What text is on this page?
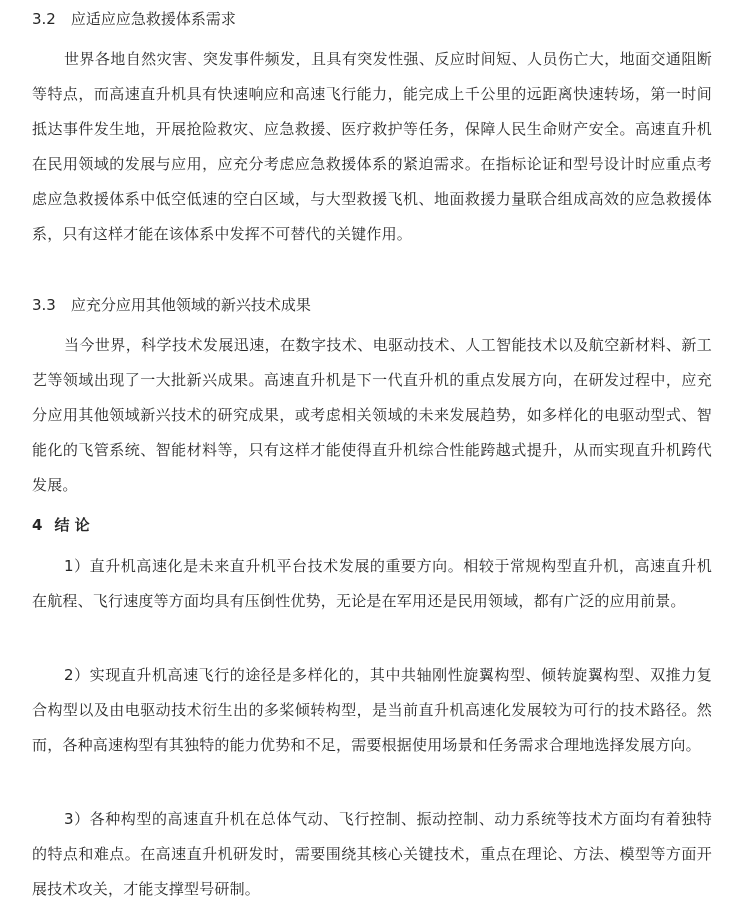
3.2 应适应应急救援体系需求

世界各地自然灾害、突发事件频发，且具有突发性强、反应时间短、人员伤亡大，地面交通阻断等特点，而高速直升机具有快速响应和高速飞行能力，能完成上千公里的远距离快速转场，第一时间抵达事件发生地，开展抢险救灾、应急救援、医疗救护等任务，保障人民生命财产安全。高速直升机在民用领域的发展与应用，应充分考虑应急救援体系的紧迫需求。在指标论证和型号设计时应重点考虑应急救援体系中低空低速的空白区域，与大型救援飞机、地面救援力量联合组成高效的应急救援体系，只有这样才能在该体系中发挥不可替代的关键作用。

3.3 应充分应用其他领域的新兴技术成果

当今世界，科学技术发展迅速，在数字技术、电驱动技术、人工智能技术以及航空新材料、新工艺等领域出现了一大批新兴成果。高速直升机是下一代直升机的重点发展方向，在研发过程中，应充分应用其他领域新兴技术的研究成果，或考虑相关领域的未来发展趋势，如多样化的电驱动型式、智能化的飞管系统、智能材料等，只有这样才能使得直升机综合性能跨越式提升，从而实现直升机跨代发展。

4 结 论

1）直升机高速化是未来直升机平台技术发展的重要方向。相较于常规构型直升机，高速直升机在航程、飞行速度等方面均具有压倒性优势，无论是在军用还是民用领域，都有广泛的应用前景。

2）实现直升机高速飞行的途径是多样化的，其中共轴刚性旋翼构型、倾转旋翼构型、双推力复合构型以及由电驱动技术衍生出的多桨倾转构型，是当前直升机高速化发展较为可行的技术路径。然而，各种高速构型有其独特的能力优势和不足，需要根据使用场景和任务需求合理地选择发展方向。

3）各种构型的高速直升机在总体气动、飞行控制、振动控制、动力系统等技术方面均有着独特的特点和难点。在高速直升机研发时，需要围绕其核心关键技术，重点在理论、方法、模型等方面开展技术攻关，才能支撑型号研制。
